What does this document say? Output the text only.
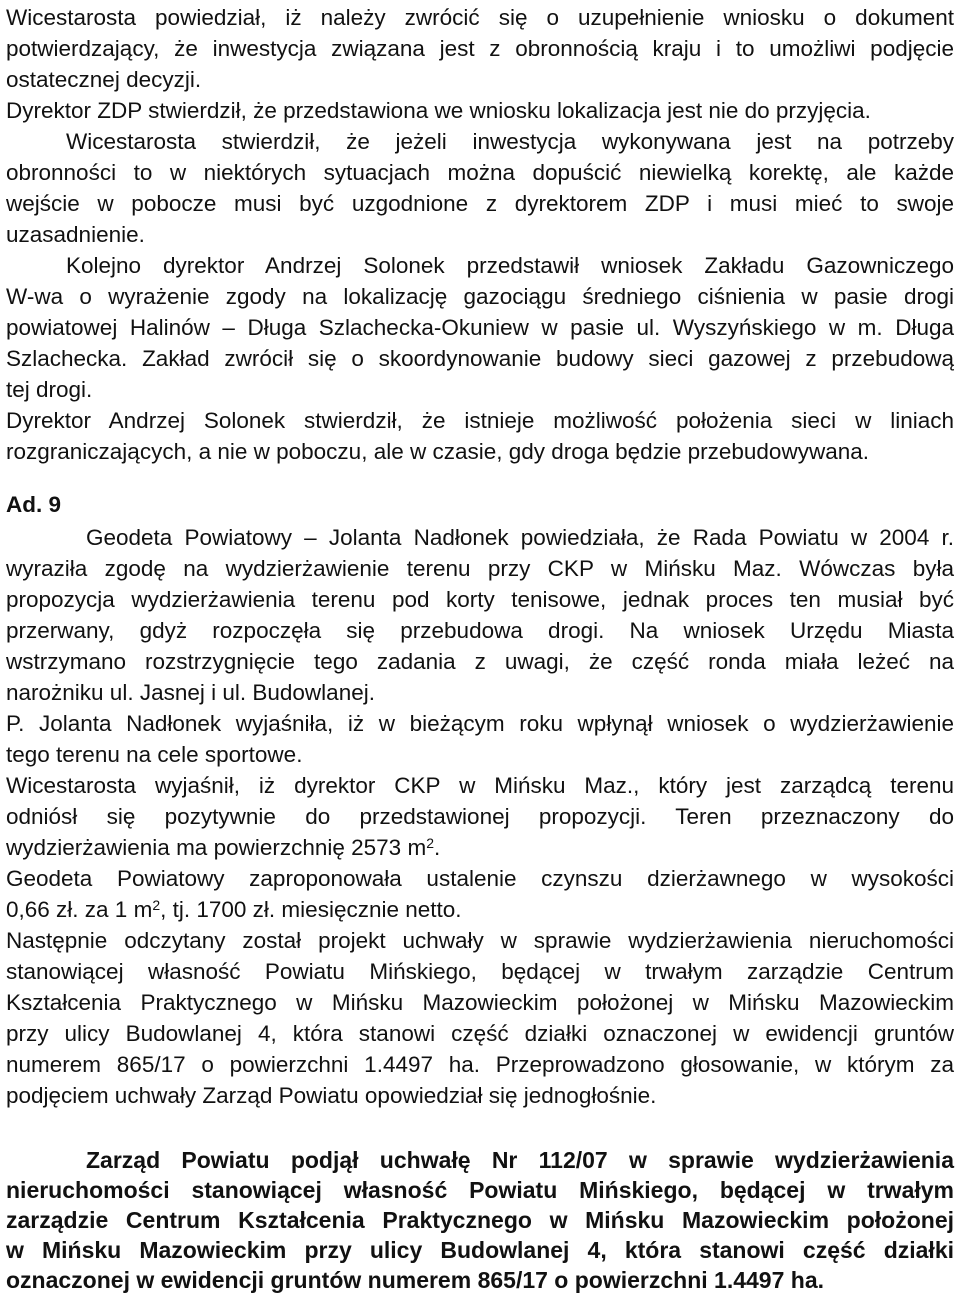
Wicestarosta powiedział, iż należy zwrócić się o uzupełnienie wniosku o dokument
potwierdzający, że inwestycja związana jest z obronnością kraju i to umożliwi podjęcie
ostatecznej decyzji.
Dyrektor ZDP stwierdził, że przedstawiona we wniosku lokalizacja jest nie do przyjęcia.
Wicestarosta stwierdził, że jeżeli inwestycja wykonywana jest na potrzeby
obronności to w niektórych sytuacjach można dopuścić niewielką korektę, ale każde
wejście w pobocze musi być uzgodnione z dyrektorem ZDP i musi mieć to swoje
uzasadnienie.
Kolejno dyrektor Andrzej Solonek przedstawił wniosek Zakładu Gazowniczego
W-wa o wyrażenie zgody na lokalizację gazociągu średniego ciśnienia w pasie drogi
powiatowej Halinów – Długa Szlachecka-Okuniew w pasie ul. Wyszyńskiego w m. Długa
Szlachecka. Zakład zwrócił się o skoordynowanie budowy sieci gazowej z przebudową
tej drogi.
Dyrektor Andrzej Solonek stwierdził, że istnieje możliwość położenia sieci w liniach
rozgraniczających, a nie w poboczu, ale w czasie, gdy droga będzie przebudowywana.
Ad. 9
Geodeta Powiatowy – Jolanta Nadłonek powiedziała, że Rada Powiatu w 2004 r.
wyraziła zgodę na wydzierżawienie terenu przy CKP w Mińsku Maz. Wówczas była
propozycja wydzierżawienia terenu pod korty tenisowe, jednak proces ten musiał być
przerwany, gdyż rozpoczęła się przebudowa drogi. Na wniosek Urzędu Miasta
wstrzymano rozstrzygnięcie tego zadania z uwagi, że część ronda miała leżeć na
narożniku ul. Jasnej i ul. Budowlanej.
P. Jolanta Nadłonek wyjaśniła, iż w bieżącym roku wpłynął wniosek o wydzierżawienie
tego terenu na cele sportowe.
Wicestarosta wyjaśnił, iż dyrektor CKP w Mińsku Maz., który jest zarządcą terenu
odniósł się pozytywnie do przedstawionej propozycji. Teren przeznaczony do
wydzierżawienia ma powierzchnię 2573 $m^2$.
Geodeta Powiatowy zaproponowała ustalenie czynszu dzierżawnego w wysokości
0,66 zł. za 1 $m^2$, tj. 1700 zł. miesięcznie netto.
Następnie odczytany został projekt uchwały w sprawie wydzierżawienia nieruchomości
stanowiącej własność Powiatu Mińskiego, będącej w trwałym zarządzie Centrum
Kształcenia Praktycznego w Mińsku Mazowieckim położonej w Mińsku Mazowieckim
przy ulicy Budowlanej 4, która stanowi część działki oznaczonej w ewidencji gruntów
numerem 865/17 o powierzchni 1.4497 ha. Przeprowadzono głosowanie, w którym za
podjęciem uchwały Zarząd Powiatu opowiedział się jednogłośnie.
Zarząd Powiatu podjął uchwałę Nr 112/07 w sprawie wydzierżawienia
nieruchomości stanowiącej własność Powiatu Mińskiego, będącej w trwałym
zarządzie Centrum Kształcenia Praktycznego w Mińsku Mazowieckim położonej
w Mińsku Mazowieckim przy ulicy Budowlanej 4, która stanowi część działki
oznaczonej w ewidencji gruntów numerem 865/17 o powierzchni 1.4497 ha.
